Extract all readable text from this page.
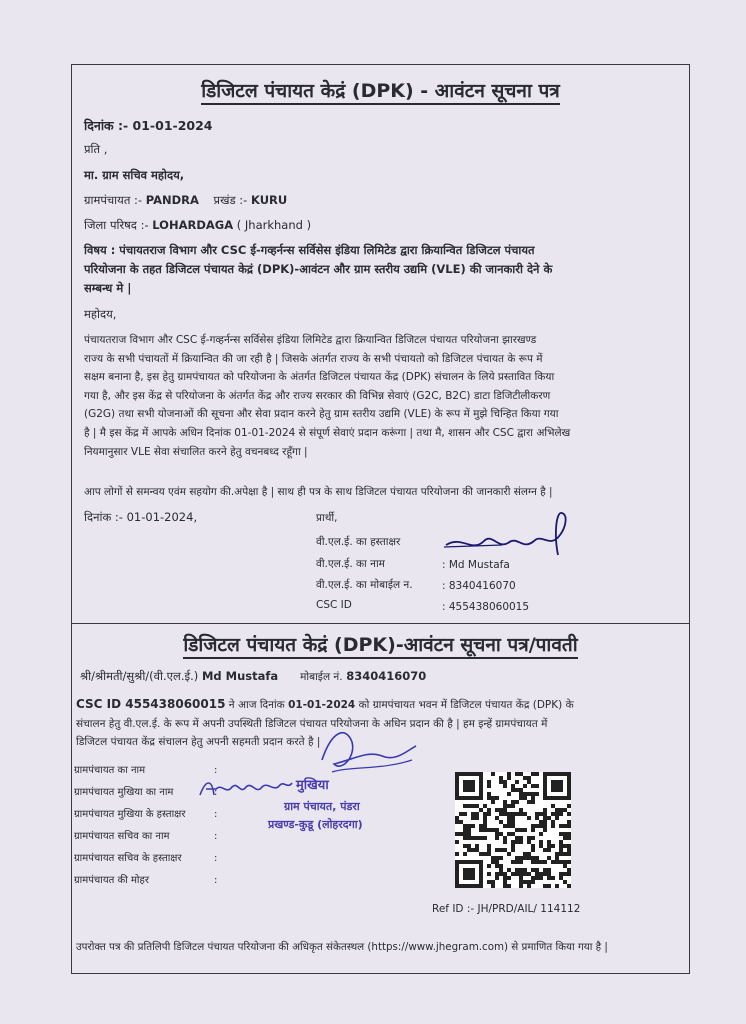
डिजिटल पंचायत केद्रं (DPK) - आवंटन सूचना पत्र
दिनांक :- 01-01-2024
प्रति ,
मा. ग्राम सचिव महोदय,
ग्रामपंचायत :- PANDRA प्रखंड :- KURU
जिला परिषद :- LOHARDAGA ( Jharkhand )
विषय : पंचायतराज विभाग और CSC ई-गव्हर्नन्स सर्विसेस इंडिया लिमिटेड द्वारा क्रियान्वित डिजिटल पंचायत
परियोजना के तहत डिजिटल पंचायत केद्रं (DPK)-आवंटन और ग्राम स्तरीय उद्यमि (VLE) की जानकारी देने के
सम्बन्ध मे |
महोदय,
पंचायतराज विभाग और CSC ई-गव्हर्नन्स सर्विसेस इंडिया लिमिटेड द्वारा क्रियान्वित डिजिटल पंचायत परियोजना झारखण्ड
राज्य के सभी पंचायतों में क्रियान्वित की जा रही है | जिसके अंतर्गत राज्य के सभी पंचायतो को डिजिटल पंचायत के रूप में
सक्षम बनाना है, इस हेतु ग्रामपंचायत को परियोजना के अंतर्गत डिजिटल पंचायत केंद्र (DPK) संचालन के लिये प्रस्तावित किया
गया है, और इस केंद्र से परियोजना के अंतर्गत केंद्र और राज्य सरकार की विभिन्न सेवाएं (G2C, B2C) डाटा डिजिटीलीकरण
(G2G) तथा सभी योजनाओं की सूचना और सेवा प्रदान करने हेतु ग्राम स्तरीय उद्यमि (VLE) के रूप में मुझे चिन्हित किया गया
है | मै इस केंद्र में आपके अधिन दिनांक 01-01-2024 से संपूर्ण सेवाएं प्रदान करूंगा | तथा मै, शासन और CSC द्वारा अभिलेख
नियमानुसार VLE सेवा संचालित करने हेतु वचनबध्द रहूँगा |
आप लोगों से समन्वय एवंम सहयोग की.अपेक्षा है | साथ ही पत्र के साथ डिजिटल पंचायत परियोजना की जानकारी संलग्न है |
दिनांक :- 01-01-2024,	प्रार्थी,
वी.एल.ई. का हस्ताक्षर
वी.एल.ई. का नाम	: Md Mustafa
वी.एल.ई. का मोबाईल न.	: 8340416070
CSC ID	: 455438060015
डिजिटल पंचायत केद्रं (DPK)-आवंटन सूचना पत्र/पावती
श्री/श्रीमती/सुश्री/(वी.एल.ई.) Md Mustafa मोबाईल नं. 8340416070
CSC ID 455438060015 ने आज दिनांक 01-01-2024 को ग्रामपंचायत भवन में डिजिटल पंचायत केंद्र (DPK) के
संचालन हेतु वी.एल.ई. के रूप में अपनी उपस्थिती डिजिटल पंचायत परियोजना के अधिन प्रदान की है | हम इन्हें ग्रामपंचायत में
डिजिटल पंचायत केंद्र संचालन हेतु अपनी सहमती प्रदान करते है |
ग्रामपंचायत का नाम	:
ग्रामपंचायत मुखिया का नाम	:
ग्रामपंचायत मुखिया के हस्ताक्षर	:
ग्रामपंचायत सचिव का नाम	:
ग्रामपंचायत सचिव के हस्ताक्षर	:
ग्रामपंचायत की मोहर	:
मुखिया
ग्राम पंचायत, पंडरा
प्रखण्ड-कुडू (लोहरदगा)
Ref ID :- JH/PRD/AIL/ 114112
उपरोक्त पत्र की प्रतिलिपी डिजिटल पंचायत परियोजना की अधिकृत संकेतस्थल (https://www.jhegram.com) से प्रमाणित किया गया है |
